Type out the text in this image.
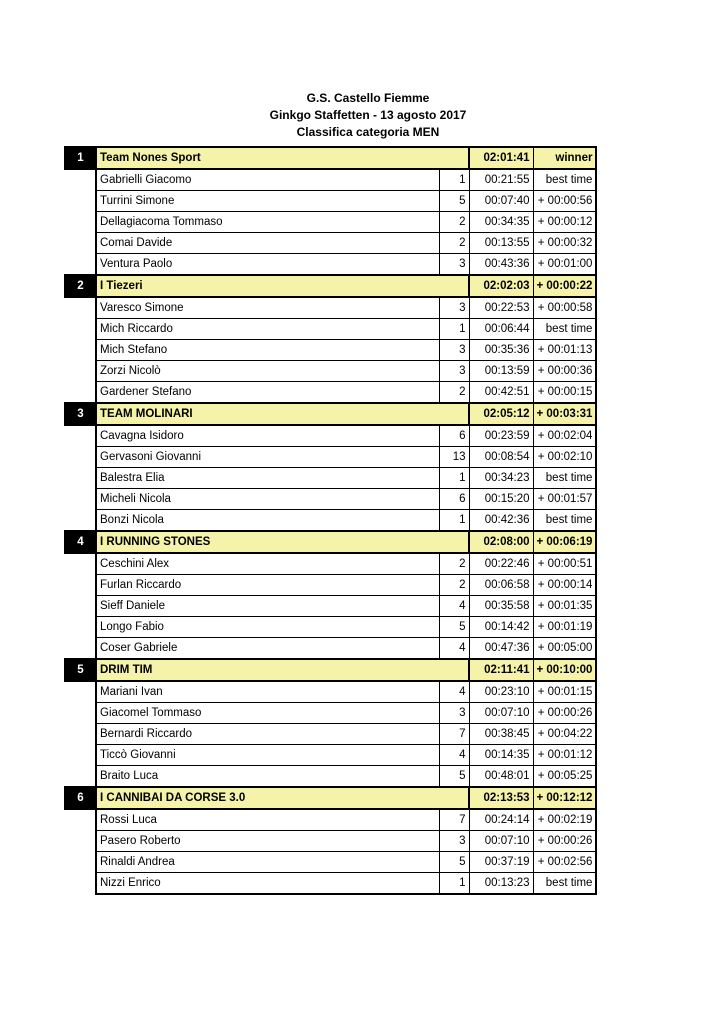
G.S. Castello Fiemme
Ginkgo Staffetten - 13 agosto 2017
Classifica categoria MEN
1	Team Nones Sport		02:01:41	winner
	Gabrielli Giacomo	1	00:21:55	best time
	Turrini Simone	5	00:07:40	+ 00:00:56
	Dellagiacoma Tommaso	2	00:34:35	+ 00:00:12
	Comai Davide	2	00:13:55	+ 00:00:32
	Ventura Paolo	3	00:43:36	+ 00:01:00
2	I Tiezeri		02:02:03	+ 00:00:22
	Varesco Simone	3	00:22:53	+ 00:00:58
	Mich Riccardo	1	00:06:44	best time
	Mich Stefano	3	00:35:36	+ 00:01:13
	Zorzi Nicolò	3	00:13:59	+ 00:00:36
	Gardener Stefano	2	00:42:51	+ 00:00:15
3	TEAM MOLINARI		02:05:12	+ 00:03:31
	Cavagna Isidoro	6	00:23:59	+ 00:02:04
	Gervasoni Giovanni	13	00:08:54	+ 00:02:10
	Balestra Elia	1	00:34:23	best time
	Micheli Nicola	6	00:15:20	+ 00:01:57
	Bonzi Nicola	1	00:42:36	best time
4	I RUNNING STONES		02:08:00	+ 00:06:19
	Ceschini Alex	2	00:22:46	+ 00:00:51
	Furlan Riccardo	2	00:06:58	+ 00:00:14
	Sieff Daniele	4	00:35:58	+ 00:01:35
	Longo Fabio	5	00:14:42	+ 00:01:19
	Coser Gabriele	4	00:47:36	+ 00:05:00
5	DRIM TIM		02:11:41	+ 00:10:00
	Mariani Ivan	4	00:23:10	+ 00:01:15
	Giacomel Tommaso	3	00:07:10	+ 00:00:26
	Bernardi Riccardo	7	00:38:45	+ 00:04:22
	Ticcò Giovanni	4	00:14:35	+ 00:01:12
	Braito Luca	5	00:48:01	+ 00:05:25
6	I CANNIBAI DA CORSE 3.0		02:13:53	+ 00:12:12
	Rossi Luca	7	00:24:14	+ 00:02:19
	Pasero Roberto	3	00:07:10	+ 00:00:26
	Rinaldi Andrea	5	00:37:19	+ 00:02:56
	Nizzi Enrico	1	00:13:23	best time
